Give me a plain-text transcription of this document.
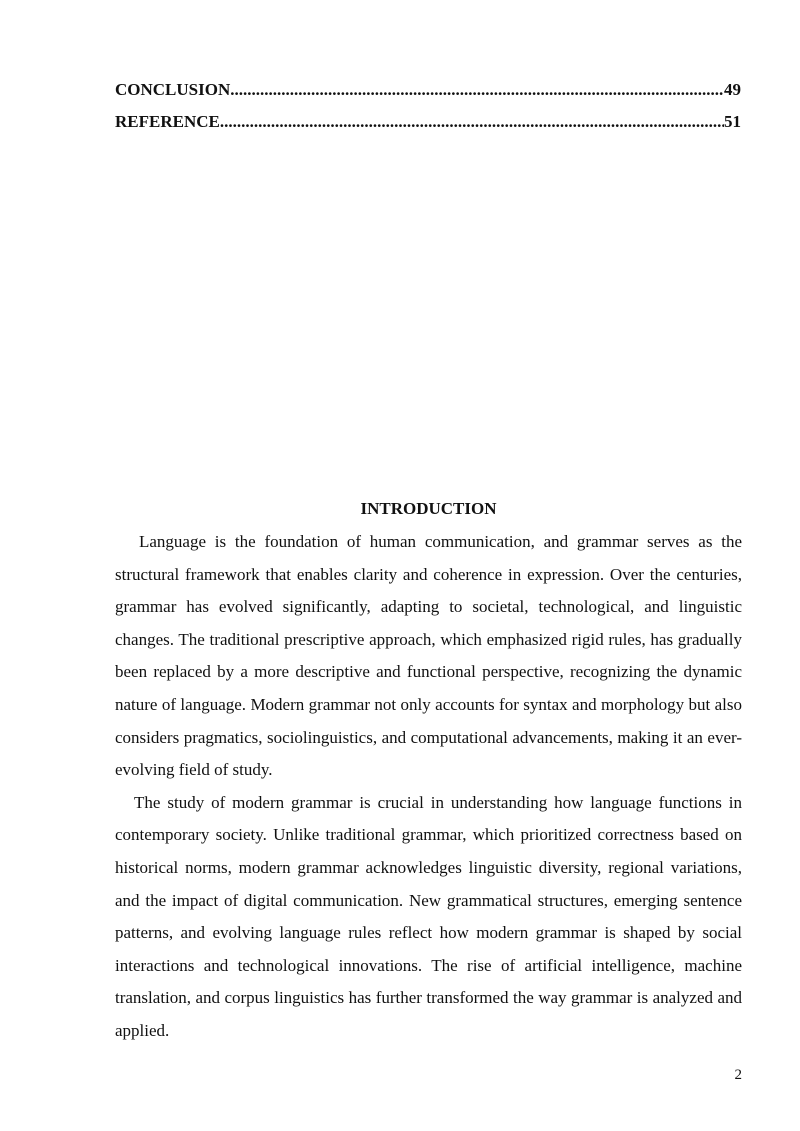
CONCLUSION .....	49
REFERENCE .....	51
INTRODUCTION

Language is the foundation of human communication, and grammar serves as the structural framework that enables clarity and coherence in expression. Over the centuries, grammar has evolved significantly, adapting to societal, technological, and linguistic changes. The traditional prescriptive approach, which emphasized rigid rules, has gradually been replaced by a more descriptive and functional perspective, recognizing the dynamic nature of language. Modern grammar not only accounts for syntax and morphology but also considers pragmatics, sociolinguistics, and computational advancements, making it an ever-evolving field of study.

The study of modern grammar is crucial in understanding how language functions in contemporary society. Unlike traditional grammar, which prioritized correctness based on historical norms, modern grammar acknowledges linguistic diversity, regional variations, and the impact of digital communication. New grammatical structures, emerging sentence patterns, and evolving language rules reflect how modern grammar is shaped by social interactions and technological innovations. The rise of artificial intelligence, machine translation, and corpus linguistics has further transformed the way grammar is analyzed and applied.

2
